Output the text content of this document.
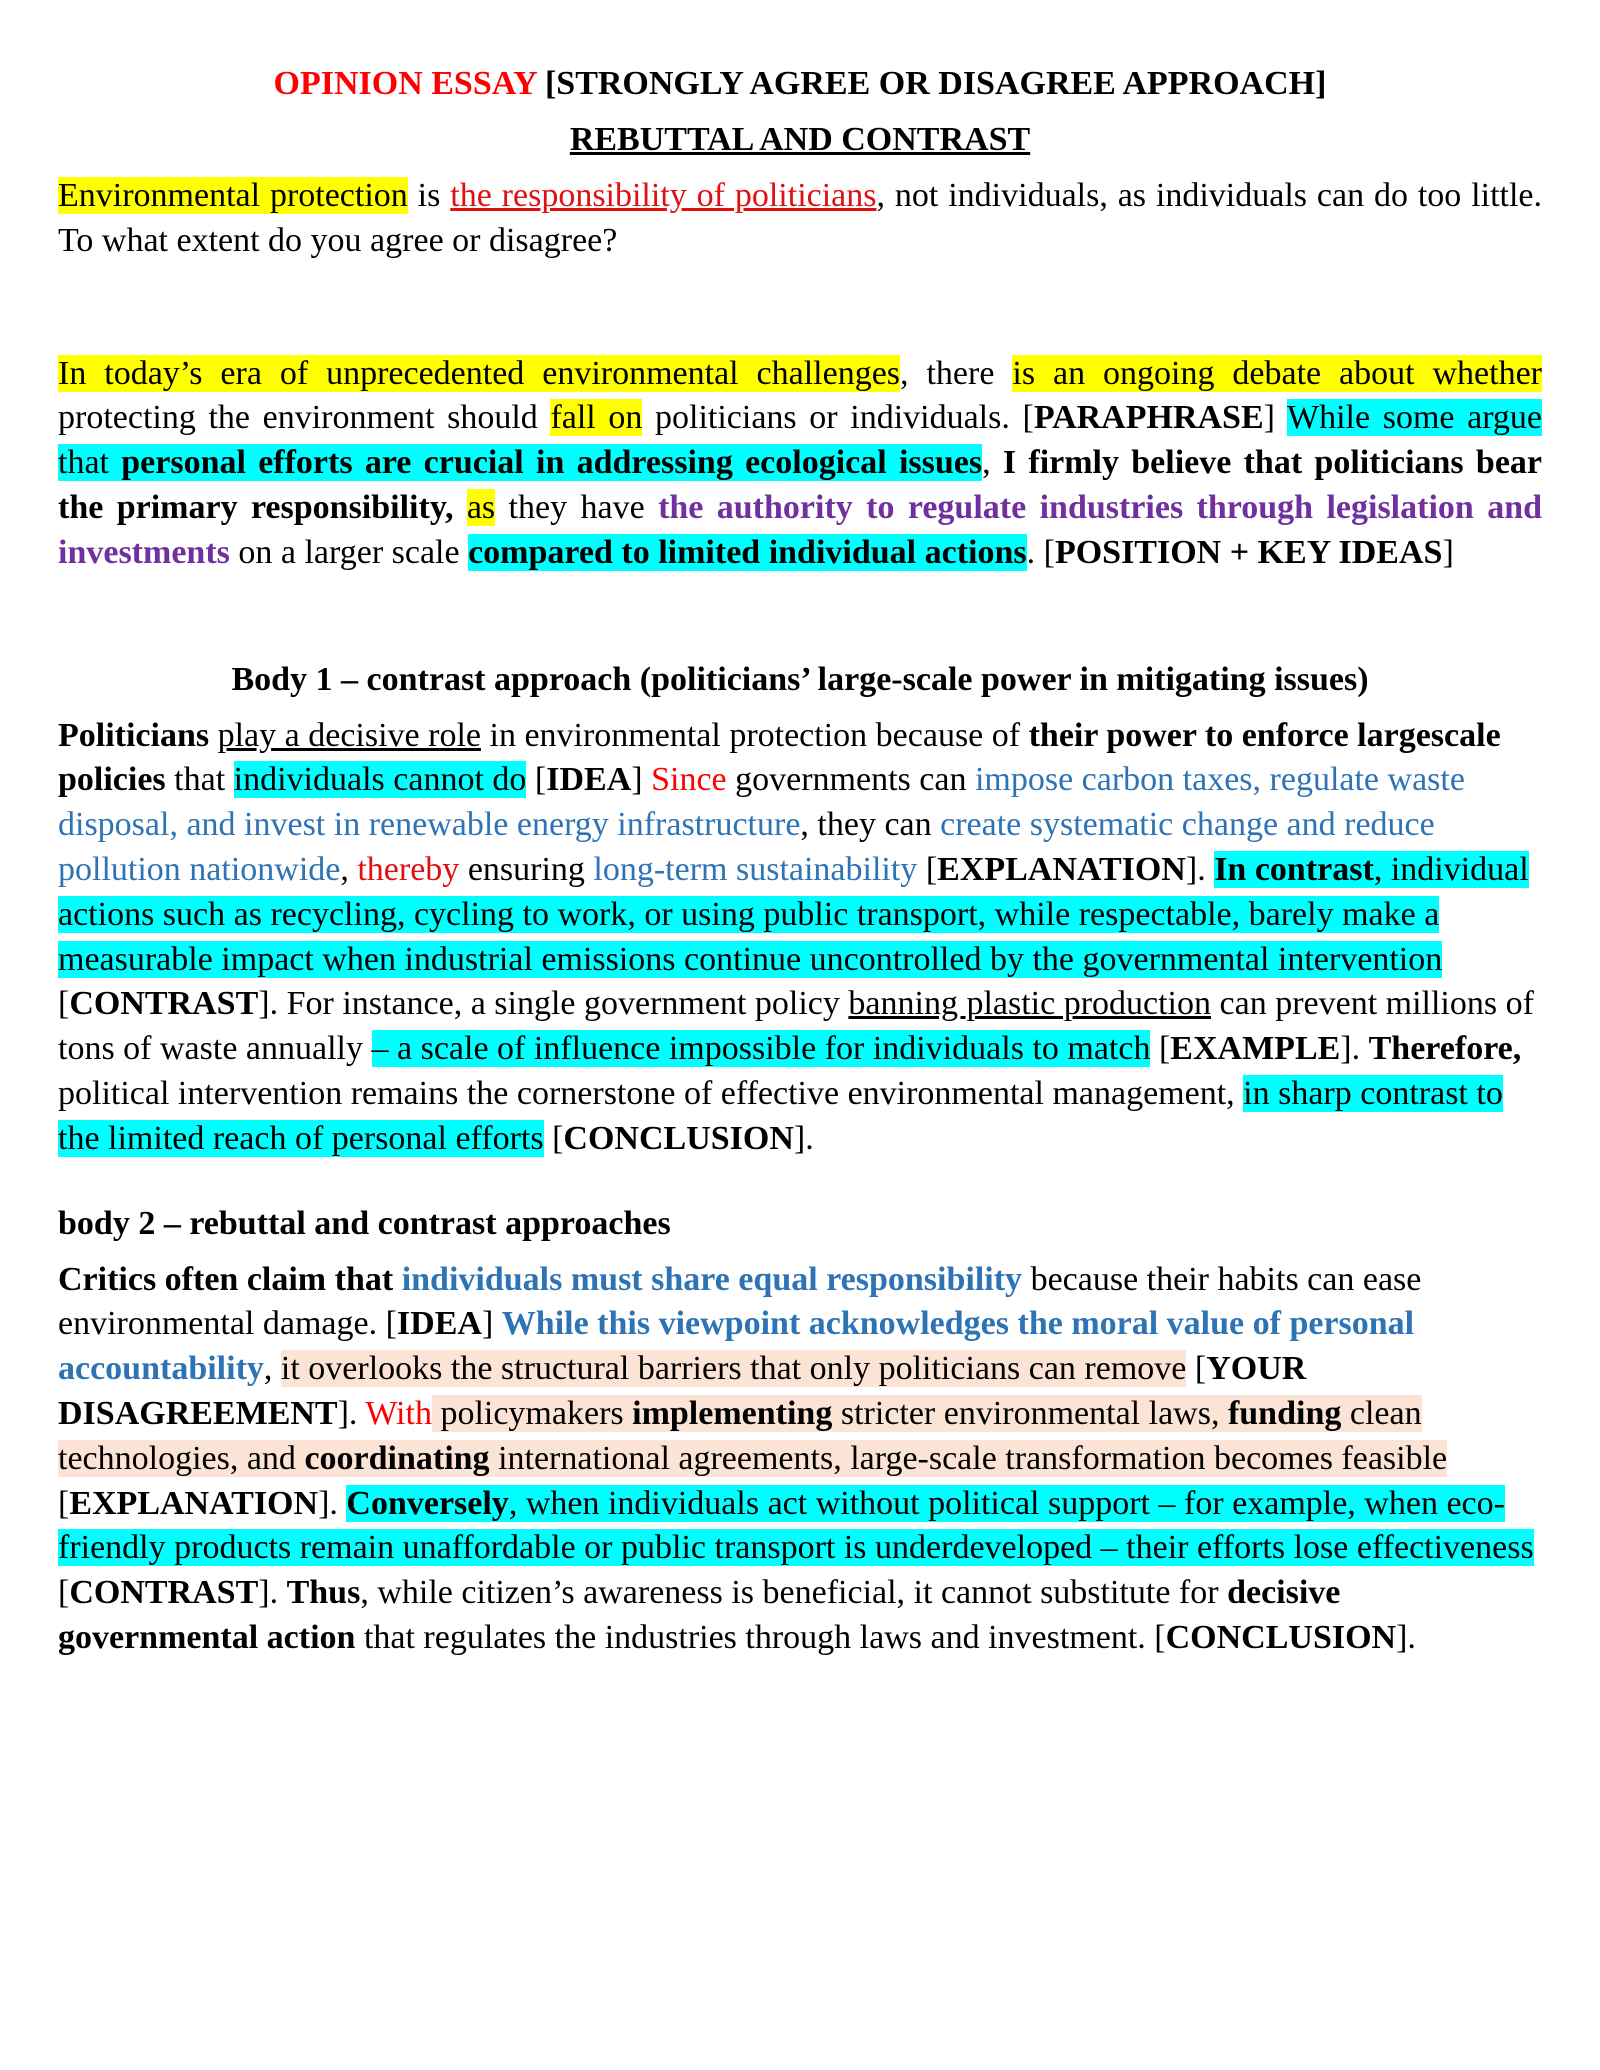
OPINION ESSAY [STRONGLY AGREE OR DISAGREE APPROACH]
REBUTTAL AND CONTRAST

Environmental protection is the responsibility of politicians, not individuals, as individuals can do too little. To what extent do you agree or disagree?

In today’s era of unprecedented environmental challenges, there is an ongoing debate about whether protecting the environment should fall on politicians or individuals. [PARAPHRASE] While some argue that personal efforts are crucial in addressing ecological issues, I firmly believe that politicians bear the primary responsibility, as they have the authority to regulate industries through legislation and investments on a larger scale compared to limited individual actions. [POSITION + KEY IDEAS]

Body 1 – contrast approach (politicians’ large-scale power in mitigating issues)

Politicians play a decisive role in environmental protection because of their power to enforce largescale policies that individuals cannot do [IDEA] Since governments can impose carbon taxes, regulate waste disposal, and invest in renewable energy infrastructure, they can create systematic change and reduce pollution nationwide, thereby ensuring long-term sustainability [EXPLANATION]. In contrast, individual actions such as recycling, cycling to work, or using public transport, while respectable, barely make a measurable impact when industrial emissions continue uncontrolled by the governmental intervention [CONTRAST]. For instance, a single government policy banning plastic production can prevent millions of tons of waste annually – a scale of influence impossible for individuals to match [EXAMPLE]. Therefore, political intervention remains the cornerstone of effective environmental management, in sharp contrast to the limited reach of personal efforts [CONCLUSION].

body 2 – rebuttal and contrast approaches

Critics often claim that individuals must share equal responsibility because their habits can ease environmental damage. [IDEA] While this viewpoint acknowledges the moral value of personal accountability, it overlooks the structural barriers that only politicians can remove [YOUR DISAGREEMENT]. With policymakers implementing stricter environmental laws, funding clean technologies, and coordinating international agreements, large-scale transformation becomes feasible [EXPLANATION]. Conversely, when individuals act without political support – for example, when eco-friendly products remain unaffordable or public transport is underdeveloped – their efforts lose effectiveness [CONTRAST]. Thus, while citizen’s awareness is beneficial, it cannot substitute for decisive governmental action that regulates the industries through laws and investment. [CONCLUSION].
